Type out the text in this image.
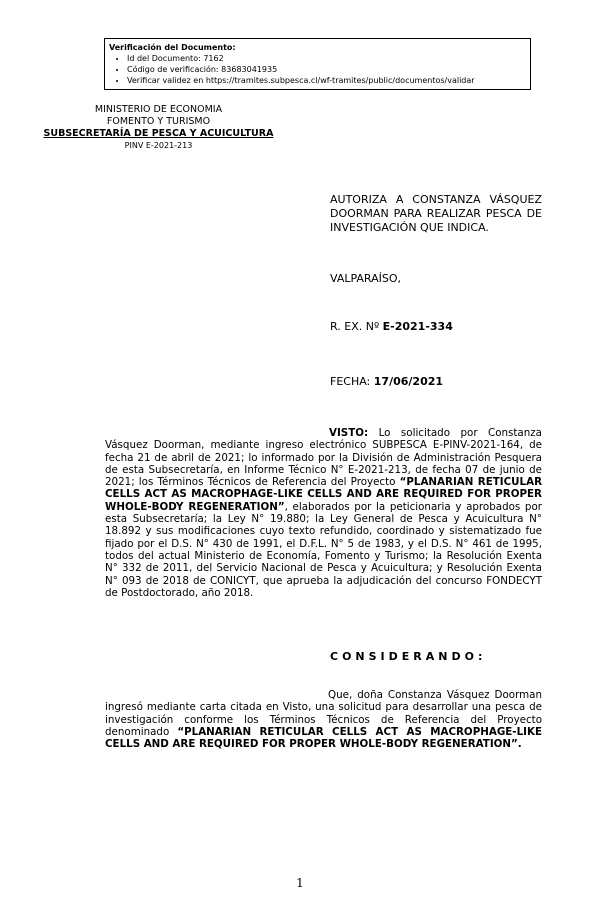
Verificación del Documento:
• Id del Documento: 7162
• Código de verificación: 83683041935
• Verificar validez en https://tramites.subpesca.cl/wf-tramites/public/documentos/validar
MINISTERIO DE ECONOMIA
FOMENTO Y TURISMO
SUBSECRETARÍA DE PESCA Y ACUICULTURA
PINV E-2021-213
AUTORIZA A CONSTANZA VÁSQUEZ DOORMAN PARA REALIZAR PESCA DE INVESTIGACIÓN QUE INDICA.
VALPARAÍSO,
R. EX. Nº E-2021-334
FECHA: 17/06/2021
VISTO: Lo solicitado por Constanza Vásquez Doorman, mediante ingreso electrónico SUBPESCA E-PINV-2021-164, de fecha 21 de abril de 2021; lo informado por la División de Administración Pesquera de esta Subsecretaría, en Informe Técnico N° E-2021-213, de fecha 07 de junio de 2021; los Términos Técnicos de Referencia del Proyecto “PLANARIAN RETICULAR CELLS ACT AS MACROPHAGE-LIKE CELLS AND ARE REQUIRED FOR PROPER WHOLE-BODY REGENERATION”, elaborados por la peticionaria y aprobados por esta Subsecretaría; la Ley N° 19.880; la Ley General de Pesca y Acuicultura N° 18.892 y sus modificaciones cuyo texto refundido, coordinado y sistematizado fue fijado por el D.S. N° 430 de 1991, el D.F.L. N° 5 de 1983, y el D.S. N° 461 de 1995, todos del actual Ministerio de Economía, Fomento y Turismo; la Resolución Exenta N° 332 de 2011, del Servicio Nacional de Pesca y Acuicultura; y Resolución Exenta N° 093 de 2018 de CONICYT, que aprueba la adjudicación del concurso FONDECYT de Postdoctorado, año 2018.
CONSIDERANDO:
Que, doña Constanza Vásquez Doorman ingresó mediante carta citada en Visto, una solicitud para desarrollar una pesca de investigación conforme los Términos Técnicos de Referencia del Proyecto denominado “PLANARIAN RETICULAR CELLS ACT AS MACROPHAGE-LIKE CELLS AND ARE REQUIRED FOR PROPER WHOLE-BODY REGENERATION”.
1
